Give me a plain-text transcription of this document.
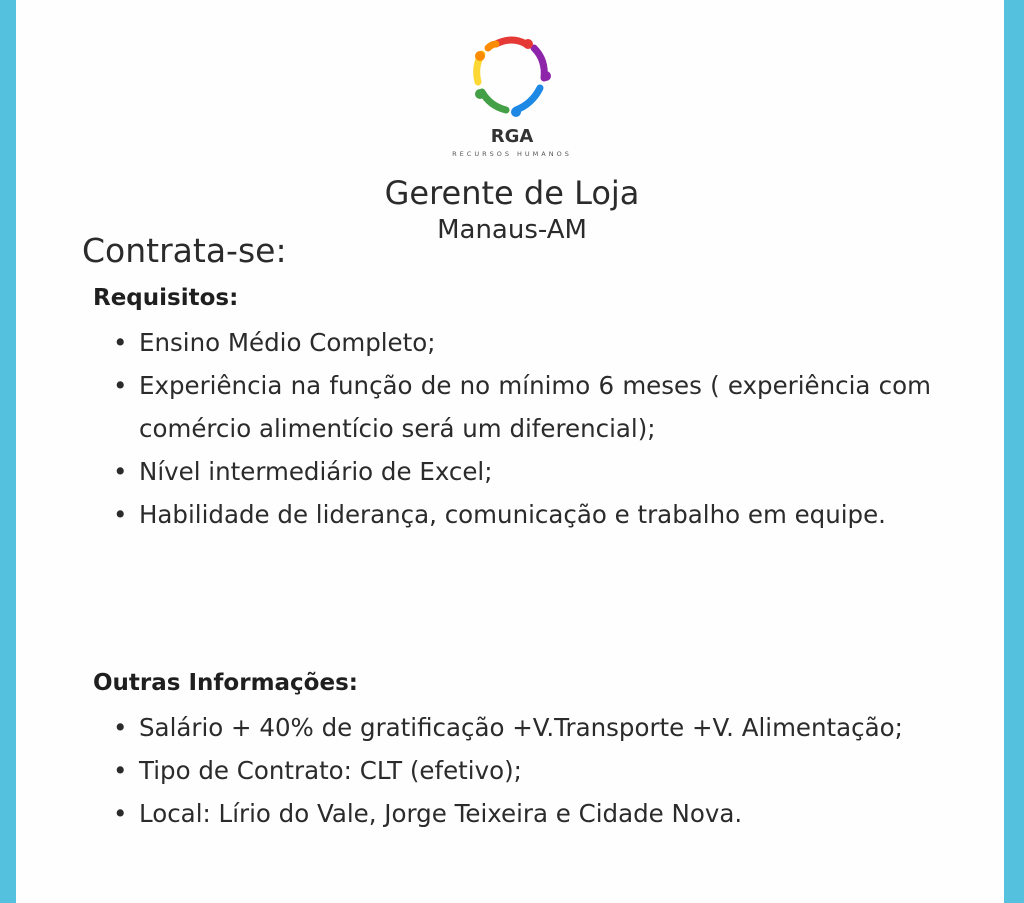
RGA
RECURSOS HUMANOS
Gerente de Loja
Manaus-AM
Contrata-se:
Requisitos:
• Ensino Médio Completo;
• Experiência na função de no mínimo 6 meses ( experiência com comércio alimentício será um diferencial);
• Nível intermediário de Excel;
• Habilidade de liderança, comunicação e trabalho em equipe.
Outras Informações:
• Salário + 40% de gratificação +V.Transporte +V. Alimentação;
• Tipo de Contrato: CLT (efetivo);
• Local: Lírio do Vale, Jorge Teixeira e Cidade Nova.
